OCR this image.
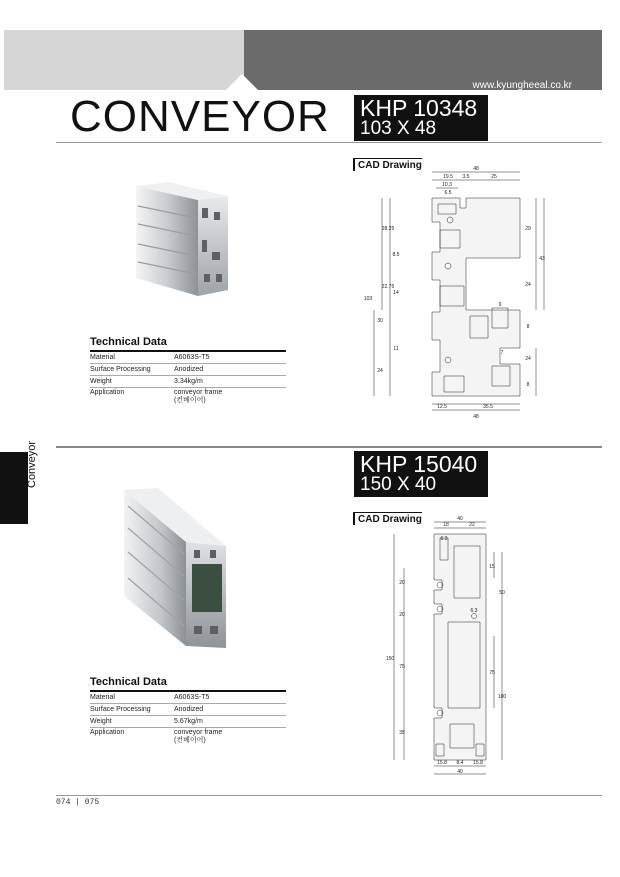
www.kyungheeal.co.kr
CONVEYOR KHP 10348
103 X 48
Technical Data
Material	A6063S-T5
Surface Processing	Anodized
Weight	3.34kg/m
Application	conveyor frame
(컨베이어)
CAD Drawing	48
19.5 3.5	25
10.3
6.5
103
28.25
22.75
30
24
8.5
14
11
29
43
24
9
8
7
24
8
12.5	35.5
48
KHP 15040
150 X 40
Technical Data
Material	A6063S-T5
Surface Processing	Anodized
Weight	5.67kg/m
Application	conveyor frame
(컨베이어)
CAD Drawing	40
18	22
6.3
150
20
20
75
35
15
50
6.3
75
100
15.8 8.4 15.8
40
Conveyor
074 | 075
